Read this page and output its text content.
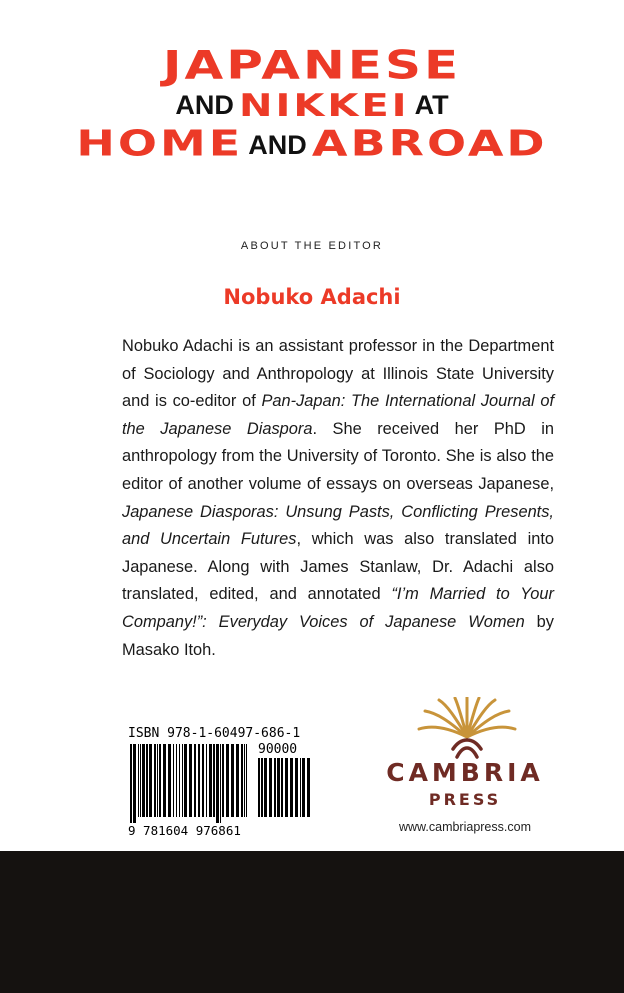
JAPANESE
AND NIKKEI AT
HOME AND ABROAD
ABOUT THE EDITOR
Nobuko Adachi
Nobuko Adachi is an assistant professor in the Department of Sociology and Anthropology at Illinois State University and is co-editor of Pan-Japan: The International Journal of the Japanese Diaspora. She received her PhD in anthropology from the University of Toronto. She is also the editor of another volume of essays on overseas Japanese, Japanese Diasporas: Unsung Pasts, Conflicting Presents, and Uncertain Futures, which was also translated into Japanese. Along with James Stanlaw, Dr. Adachi also translated, edited, and annotated “I’m Married to Your Company!”: Everyday Voices of Japanese Women by Masako Itoh.
ISBN 978-1-60497-686-1
90000
9 781604 976861
CAMBRIA
PRESS
www.cambriapress.com
